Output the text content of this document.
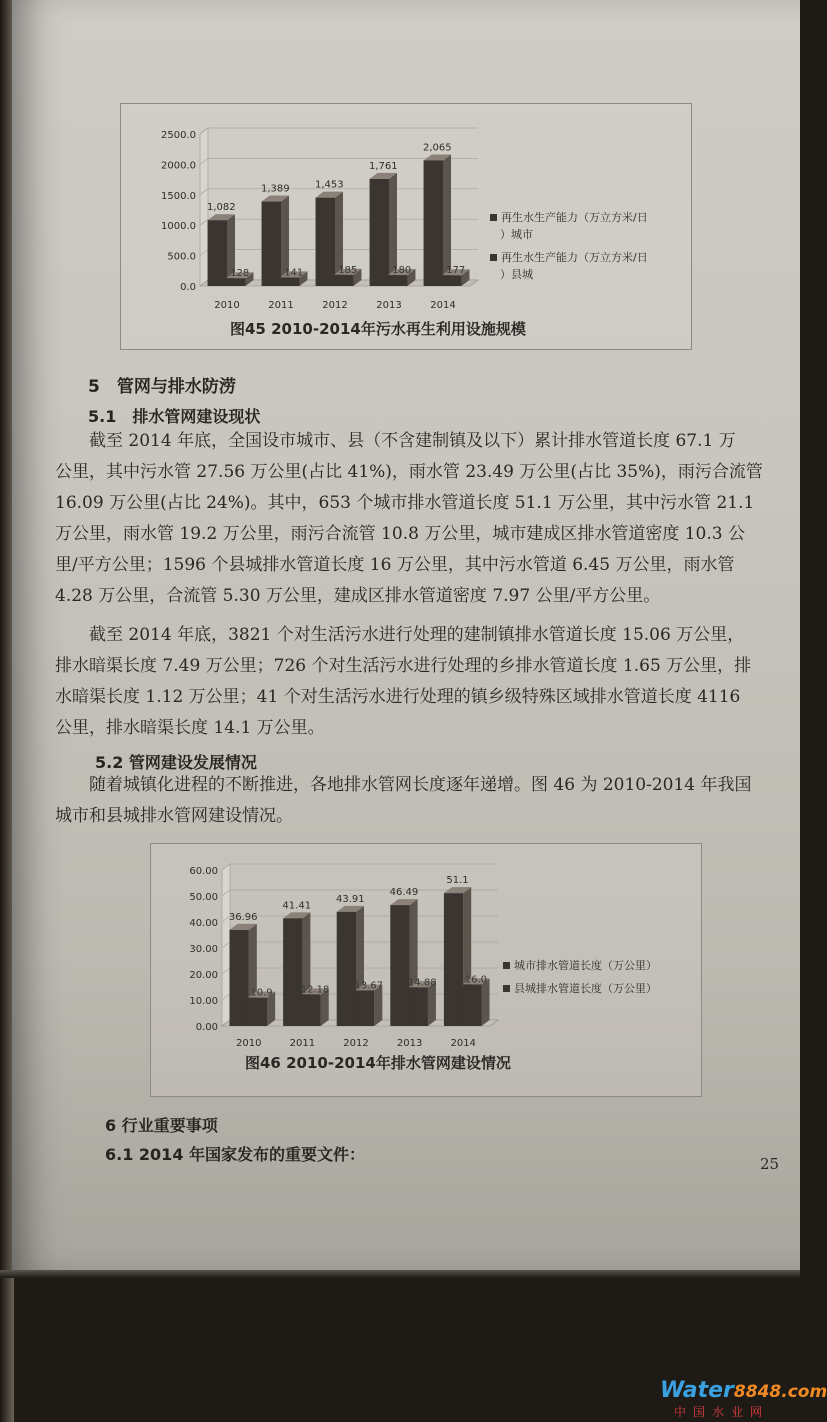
2500.0
2000.0
1500.0
1000.0
500.0
0.0
1,082
128
2010
1,389
141
2011
1,453
185
2012
1,761
180
2013
2,065
177
2014
再生水生产能力（万立方米/日
）城市
再生水生产能力（万立方米/日
）县城
图45 2010-2014年污水再生利用设施规模
5　管网与排水防涝
5.1　排水管网建设现状
截至 2014 年底，全国设市城市、县（不含建制镇及以下）累计排水管道长度 67.1 万
公里，其中污水管 27.56 万公里(占比 41%)，雨水管 23.49 万公里(占比 35%)，雨污合流管
16.09 万公里(占比 24%)。其中，653 个城市排水管道长度 51.1 万公里，其中污水管 21.1
万公里，雨水管 19.2 万公里，雨污合流管 10.8 万公里，城市建成区排水管道密度 10.3 公
里/平方公里；1596 个县城排水管道长度 16 万公里，其中污水管道 6.45 万公里，雨水管
4.28 万公里，合流管 5.30 万公里，建成区排水管道密度 7.97 公里/平方公里。
截至 2014 年底，3821 个对生活污水进行处理的建制镇排水管道长度 15.06 万公里，
排水暗渠长度 7.49 万公里；726 个对生活污水进行处理的乡排水管道长度 1.65 万公里，排
水暗渠长度 1.12 万公里；41 个对生活污水进行处理的镇乡级特殊区域排水管道长度 4116
公里，排水暗渠长度 14.1 万公里。
5.2 管网建设发展情况
随着城镇化进程的不断推进，各地排水管网长度逐年递增。图 46 为 2010-2014 年我国
城市和县城排水管网建设情况。
60.00
50.00
40.00
30.00
20.00
10.00
0.00
36.96
10.9
2010
41.41
12.18
2011
43.91
13.67
2012
46.49
14.88
2013
51.1
16.0
2014
城市排水管道长度（万公里）
县城排水管道长度（万公里）
图46 2010-2014年排水管网建设情况
6 行业重要事项
6.1 2014 年国家发布的重要文件：	25
Water8848.com
中国水业网
